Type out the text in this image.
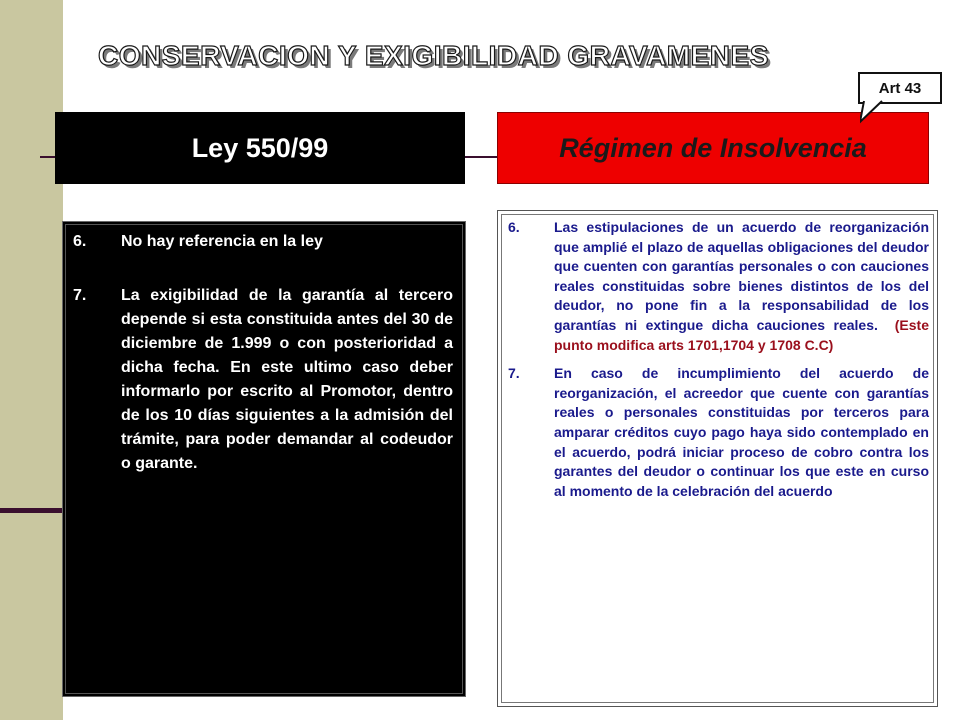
CONSERVACION Y EXIGIBILIDAD GRAVAMENES
Ley 550/99	Régimen de Insolvencia
Art 43
6.	No hay referencia en la ley
7.	La exigibilidad de la garantía al tercero depende si esta constituida antes del 30 de diciembre de 1.999 o con posterioridad a dicha fecha. En este ultimo caso deber informarlo por escrito al Promotor, dentro de los 10 días siguientes a la admisión del trámite, para poder demandar al codeudor o garante.
6.	Las estipulaciones de un acuerdo de reorganización que amplié el plazo de aquellas obligaciones del deudor que cuenten con garantías personales o con cauciones reales constituidas sobre bienes distintos de los del deudor, no pone fin a la responsabilidad de los garantías ni extingue dicha cauciones reales. (Este punto modifica arts 1701,1704 y 1708 C.C)
7.	En caso de incumplimiento del acuerdo de reorganización, el acreedor que cuente con garantías reales o personales constituidas por terceros para amparar créditos cuyo pago haya sido contemplado en el acuerdo, podrá iniciar proceso de cobro contra los garantes del deudor o continuar los que este en curso al momento de la celebración del acuerdo
